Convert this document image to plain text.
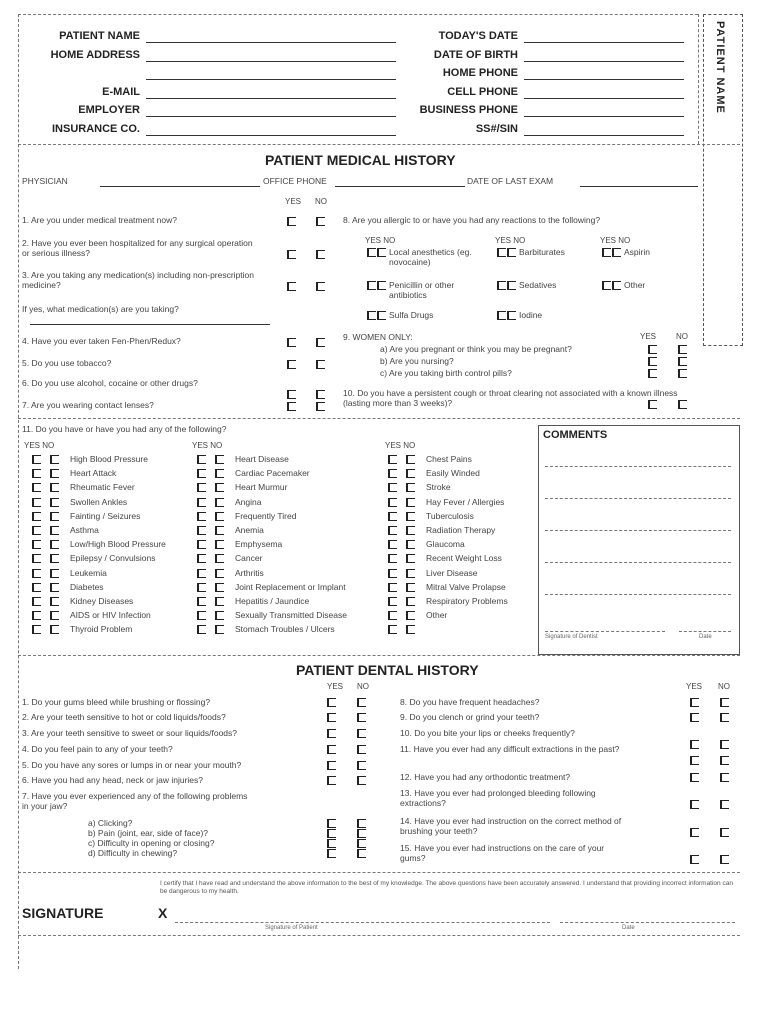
PATIENT NAME
PATIENT NAME
HOME ADDRESS
E-MAIL
EMPLOYER
INSURANCE CO.
TODAY'S DATE
DATE OF BIRTH
HOME PHONE
CELL PHONE
BUSINESS PHONE
SS#/SIN
PATIENT MEDICAL HISTORY
PHYSICIAN	OFFICE PHONE	DATE OF LAST EXAM
YES NO
1. Are you under medical treatment now?
2. Have you ever been hospitalized for any surgical operation or serious illness?
3. Are you taking any medication(s) including non-prescription medicine?
If yes, what medication(s) are you taking?
4. Have you ever taken Fen-Phen/Redux?
5. Do you use tobacco?
6. Do you use alcohol, cocaine or other drugs?
7. Are you wearing contact lenses?
8. Are you allergic to or have you had any reactions to the following?
YES NO	YES NO	YES NO
Local anesthetics (eg. novocaine)
Barbiturates	Aspirin
Penicillin or other antibiotics
Sedatives	Other
Sulfa Drugs	Iodine
9. WOMEN ONLY:	YES NO
a) Are you pregnant or think you may be pregnant?
b) Are you nursing?
c) Are you taking birth control pills?
10. Do you have a persistent cough or throat clearing not associated with a known illness (lasting more than 3 weeks)?
11. Do you have or have you had any of the following?
YES NO	YES NO	YES NO
High Blood Pressure
Heart Attack
Rheumatic Fever
Swollen Ankles
Fainting / Seizures
Asthma
Low/High Blood Pressure
Epilepsy / Convulsions
Leukemia
Diabetes
Kidney Diseases
AIDS or HIV Infection
Thyroid Problem
Heart Disease
Cardiac Pacemaker
Heart Murmur
Angina
Frequently Tired
Anemia
Emphysema
Cancer
Arthritis
Joint Replacement or Implant
Hepatitis / Jaundice
Sexually Transmitted Disease
Stomach Troubles / Ulcers
Chest Pains
Easily Winded
Stroke
Hay Fever / Allergies
Tuberculosis
Radiation Therapy
Glaucoma
Recent Weight Loss
Liver Disease
Mitral Valve Prolapse
Respiratory Problems
Other
COMMENTS
Signature of Dentist	Date
PATIENT DENTAL HISTORY
YES NO	YES NO
1. Do your gums bleed while brushing or flossing?
2. Are your teeth sensitive to hot or cold liquids/foods?
3. Are your teeth sensitive to sweet or sour liquids/foods?
4. Do you feel pain to any of your teeth?
5. Do you have any sores or lumps in or near your mouth?
6. Have you had any head, neck or jaw injuries?
7. Have you ever experienced any of the following problems in your jaw?
a) Clicking?
b) Pain (joint, ear, side of face)?
c) Difficulty in opening or closing?
d) Difficulty in chewing?
8. Do you have frequent headaches?
9. Do you clench or grind your teeth?
10. Do you bite your lips or cheeks frequently?
11. Have you ever had any difficult extractions in the past?
12. Have you had any orthodontic treatment?
13. Have you ever had prolonged bleeding following extractions?
14. Have you ever had instruction on the correct method of brushing your teeth?
15. Have you ever had instructions on the care of your gums?
I certify that I have read and understand the above information to the best of my knowledge. The above questions have been accurately answered. I understand that providing incorrect information can be dangerous to my health.
SIGNATURE	X
Signature of Patient	Date
